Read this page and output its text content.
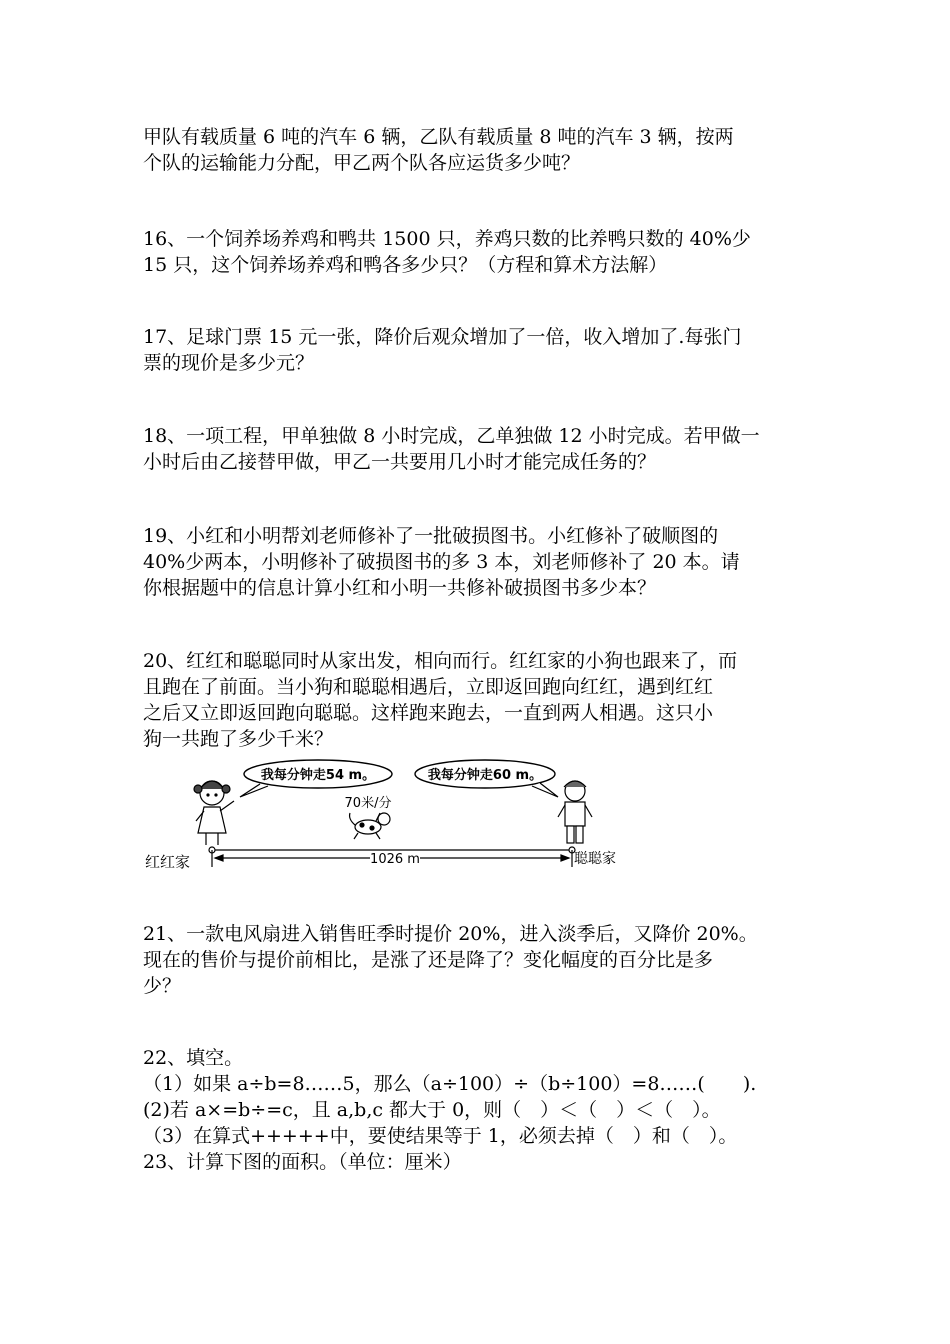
甲队有载质量 6 吨的汽车 6 辆，乙队有载质量 8 吨的汽车 3 辆，按两
个队的运输能力分配，甲乙两个队各应运货多少吨？
16、一个饲养场养鸡和鸭共 1500 只，养鸡只数的比养鸭只数的 40%少
15 只，这个饲养场养鸡和鸭各多少只？（方程和算术方法解）
17、足球门票 15 元一张，降价后观众增加了一倍，收入增加了.每张门
票的现价是多少元？
18、一项工程，甲单独做 8 小时完成，乙单独做 12 小时完成。若甲做一
小时后由乙接替甲做，甲乙一共要用几小时才能完成任务的？
19、小红和小明帮刘老师修补了一批破损图书。小红修补了破顺图的
40%少两本，小明修补了破损图书的多 3 本，刘老师修补了 20 本。请
你根据题中的信息计算小红和小明一共修补破损图书多少本？
20、红红和聪聪同时从家出发，相向而行。红红家的小狗也跟来了，而
且跑在了前面。当小狗和聪聪相遇后，立即返回跑向红红，遇到红红
之后又立即返回跑向聪聪。这样跑来跑去，一直到两人相遇。这只小
狗一共跑了多少千米？
我每分钟走54 m。	我每分钟走60 m。
70米/分
1026 m
红红家	聪聪家
21、一款电风扇进入销售旺季时提价 20%，进入淡季后，又降价 20%。
现在的售价与提价前相比，是涨了还是降了？变化幅度的百分比是多
少？
22、填空。
（1）如果 a÷b=8……5，那么（a÷100）÷（b÷100）=8……(　　).
(2)若 a×=b÷=c，且 a,b,c 都大于 0，则（　）＜（　）＜（　）。
（3）在算式+++++中，要使结果等于 1，必须去掉（　）和（　）。
23、计算下图的面积。（单位：厘米）
